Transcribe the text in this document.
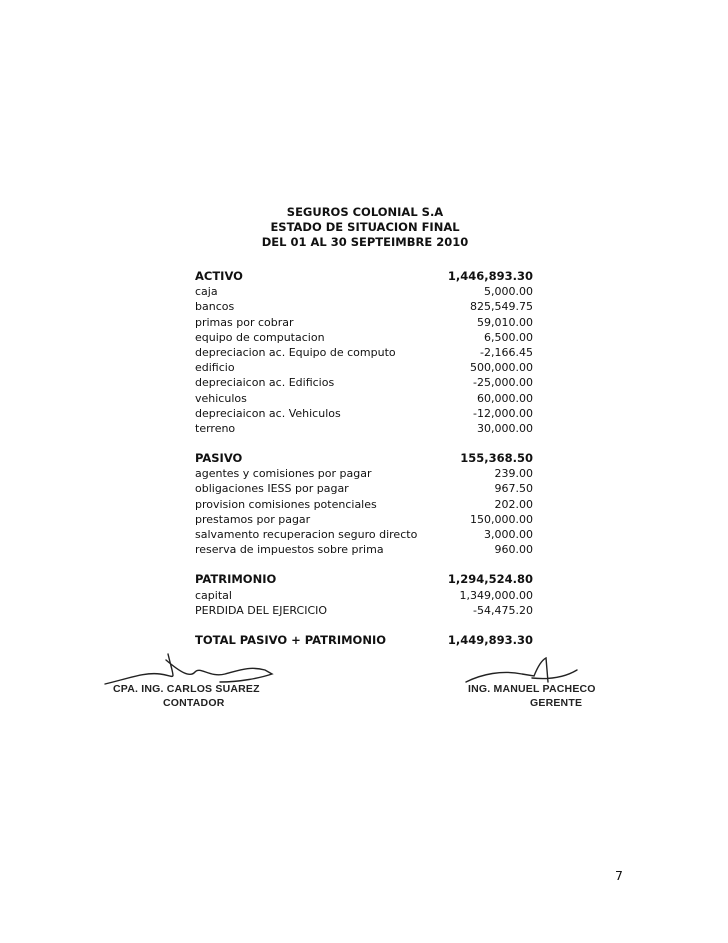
SEGUROS COLONIAL S.A
ESTADO DE SITUACION FINAL
DEL 01 AL 30 SEPTEIMBRE 2010
ACTIVO	1,446,893.30
caja	5,000.00
bancos	825,549.75
primas por cobrar	59,010.00
equipo de computacion	6,500.00
depreciacion ac. Equipo de computo	-2,166.45
edificio	500,000.00
depreciaicon ac. Edificios	-25,000.00
vehiculos	60,000.00
depreciaicon ac. Vehiculos	-12,000.00
terreno	30,000.00
PASIVO	155,368.50
agentes y comisiones por pagar	239.00
obligaciones IESS por pagar	967.50
provision comisiones potenciales	202.00
prestamos por pagar	150,000.00
salvamento recuperacion seguro directo	3,000.00
reserva de impuestos sobre prima	960.00
PATRIMONIO	1,294,524.80
capital	1,349,000.00
PERDIDA DEL EJERCICIO	-54,475.20
TOTAL PASIVO + PATRIMONIO	1,449,893.30
CPA. ING. CARLOS SUAREZ
CONTADOR
ING. MANUEL PACHECO
GERENTE
7
